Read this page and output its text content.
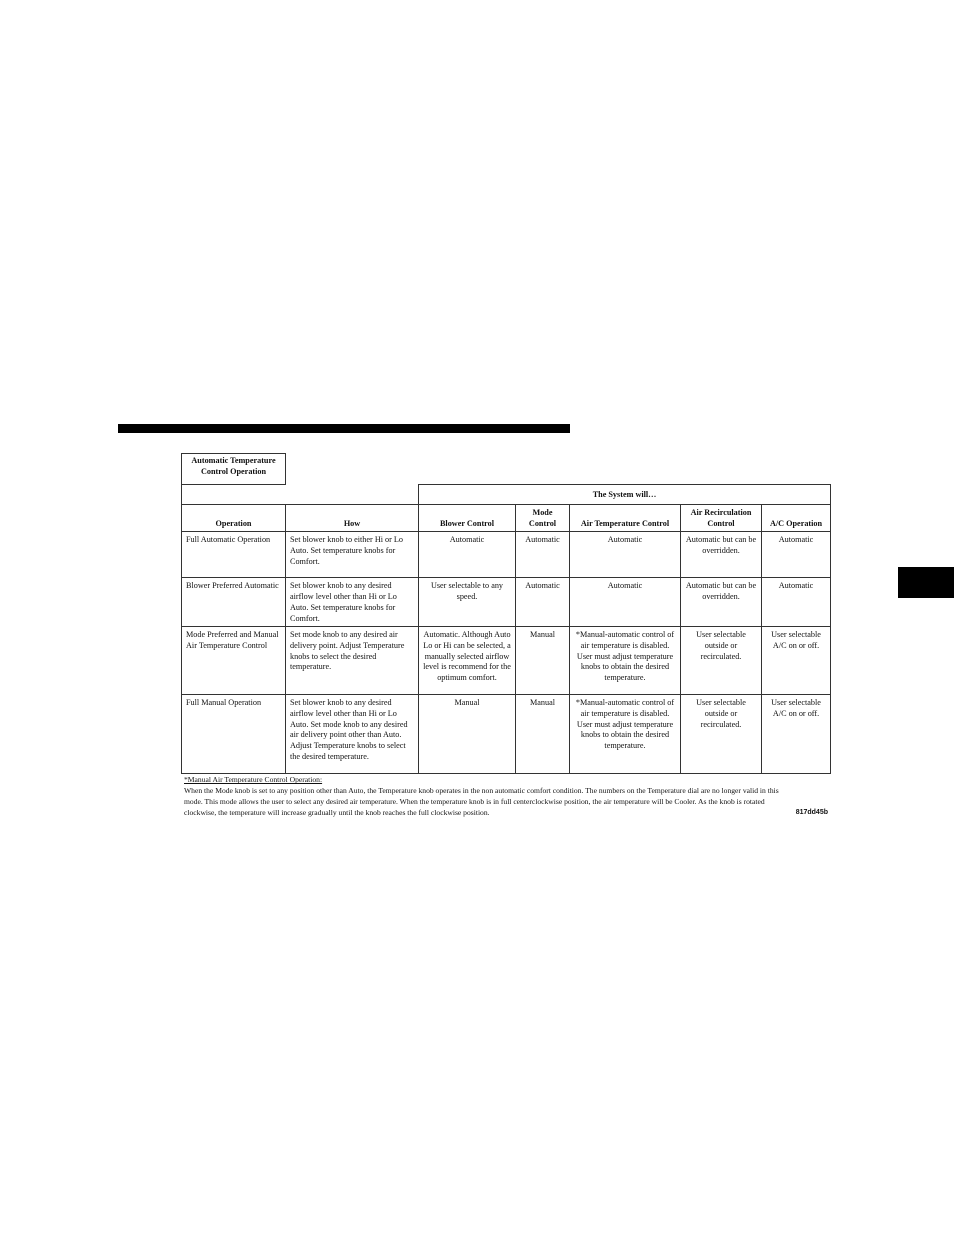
Automatic Temperature Control Operation						
		The System will…				
Operation	How	Blower Control	Mode Control	Air Temperature Control	Air Recirculation Control	A/C Operation
Full Automatic Operation	Set blower knob to either Hi or Lo Auto. Set temperature knobs for Comfort.	Automatic	Automatic	Automatic	Automatic but can be overridden.	Automatic
Blower Preferred Automatic	Set blower knob to any desired airflow level other than Hi or Lo Auto. Set temperature knobs for Comfort.	User selectable to any speed.	Automatic	Automatic	Automatic but can be overridden.	Automatic
Mode Preferred and Manual Air Temperature Control	Set mode knob to any desired air delivery point. Adjust Temperature knobs to select the desired temperature.	Automatic. Although Auto Lo or Hi can be selected, a manually selected airflow level is recommend for the optimum comfort.	Manual	*Manual-automatic control of air temperature is disabled. User must adjust temperature knobs to obtain the desired temperature.	User selectable outside or recirculated.	User selectable A/C on or off.
Full Manual Operation	Set blower knob to any desired airflow level other than Hi or Lo Auto. Set mode knob to any desired air delivery point other than Auto. Adjust Temperature knobs to select the desired temperature.	Manual	Manual	*Manual-automatic control of air temperature is disabled. User must adjust temperature knobs to obtain the desired temperature.	User selectable outside or recirculated.	User selectable A/C on or off.
*Manual Air Temperature Control Operation:
When the Mode knob is set to any position other than Auto, the Temperature knob operates in the non automatic comfort condition. The numbers on the Temperature dial are no longer valid in this mode. This mode allows the user to select any desired air temperature. When the temperature knob is in full centerclockwise position, the air temperature will be Cooler. As the knob is rotated clockwise, the temperature will increase gradually until the knob reaches the full clockwise position.	817dd45b
